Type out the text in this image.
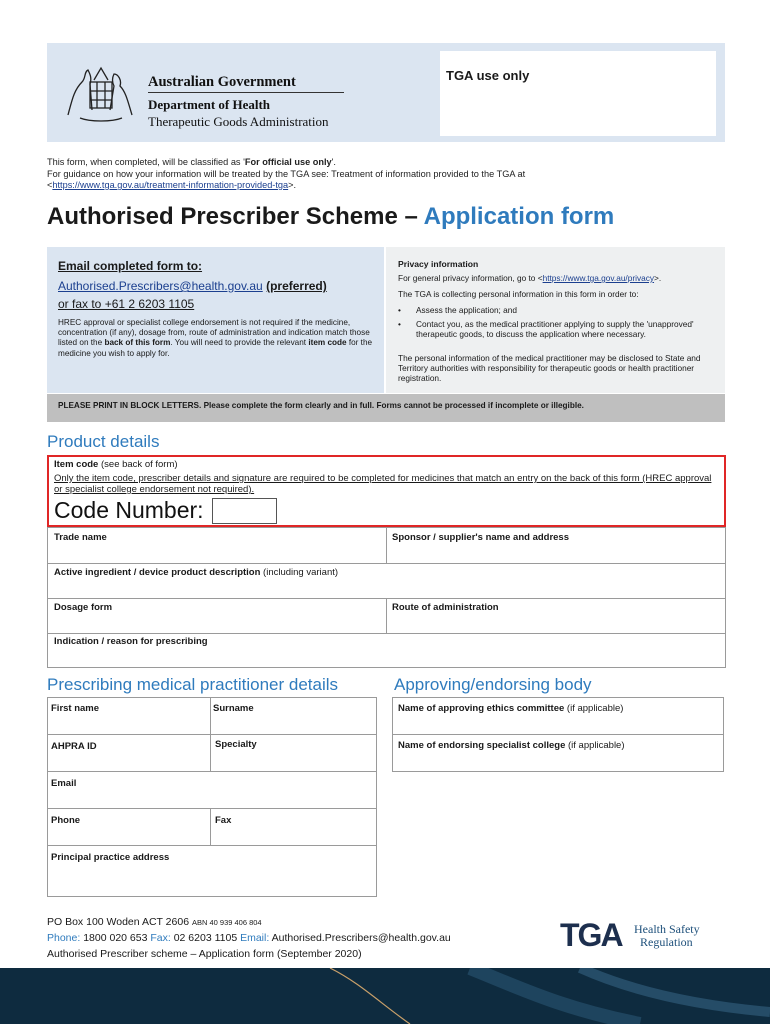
Australian Government
Department of Health
Therapeutic Goods Administration
TGA use only
This form, when completed, will be classified as 'For official use only'.
For guidance on how your information will be treated by the TGA see: Treatment of information provided to the TGA at
<https://www.tga.gov.au/treatment-information-provided-tga>.
Authorised Prescriber Scheme – Application form
Email completed form to:
Authorised.Prescribers@health.gov.au (preferred)
or fax to +61 2 6203 1105
HREC approval or specialist college endorsement is not required if the medicine, concentration (if any), dosage from, route of administration and indication match those listed on the back of this form. You will need to provide the relevant item code for the medicine you wish to apply for.
Privacy information
For general privacy information, go to <https://www.tga.gov.au/privacy>.
The TGA is collecting personal information in this form in order to:
•	Assess the application; and
•	Contact you, as the medical practitioner applying to supply the 'unapproved' therapeutic goods, to discuss the application where necessary.
The personal information of the medical practitioner may be disclosed to State and Territory authorities with responsibility for therapeutic goods or health practitioner registration.
PLEASE PRINT IN BLOCK LETTERS. Please complete the form clearly and in full. Forms cannot be processed if incomplete or illegible.
Product details
Item code (see back of form)
Only the item code, prescriber details and signature are required to be completed for medicines that match an entry on the back of this form (HREC approval or specialist college endorsement not required).
Code Number:
Trade name	Sponsor / supplier's name and address
Active ingredient / device product description (including variant)
Dosage form	Route of administration
Indication / reason for prescribing
Prescribing medical practitioner details	Approving/endorsing body
First name	Surname
AHPRA ID	Specialty
Email
Phone	Fax
Principal practice address
Name of approving ethics committee (if applicable)
Name of endorsing specialist college (if applicable)
PO Box 100 Woden ACT 2606 ABN 40 939 406 804
Phone: 1800 020 653 Fax: 02 6203 1105 Email: Authorised.Prescribers@health.gov.au
Authorised Prescriber scheme – Application form (September 2020)
TGA Health Safety
Regulation
